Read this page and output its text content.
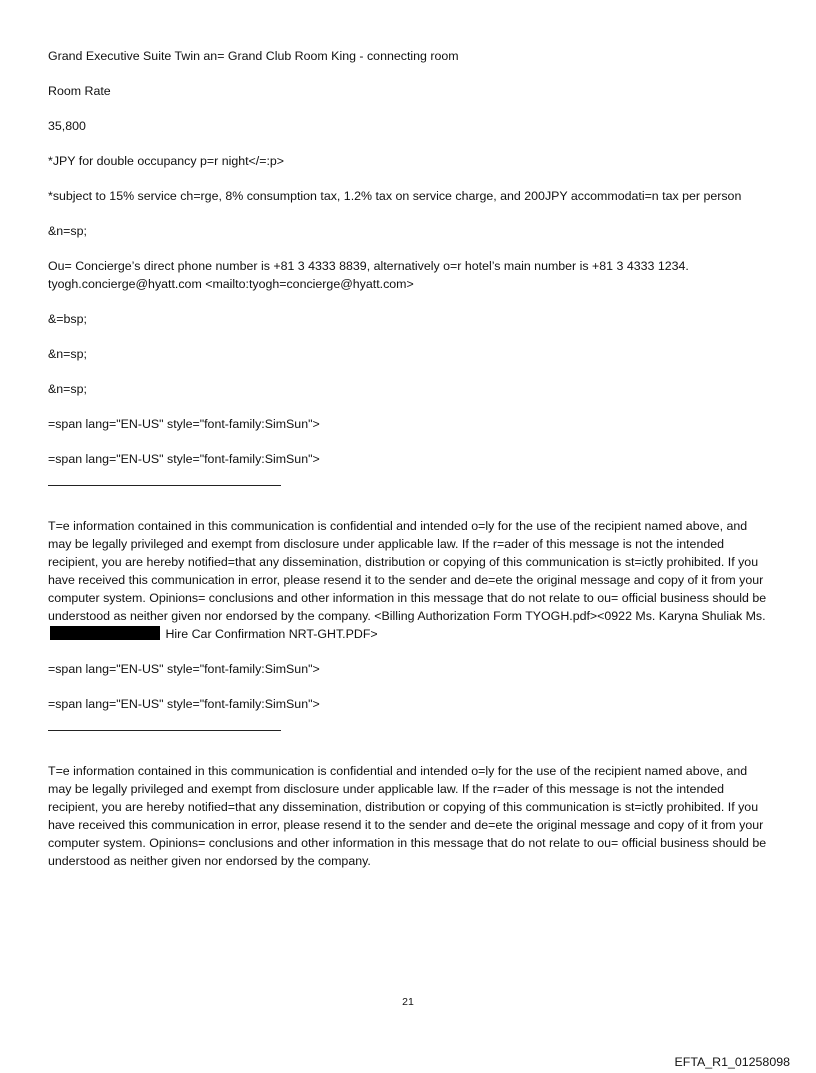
Grand Executive Suite Twin an= Grand Club Room King - connecting room

Room Rate

35,800

*JPY for double occupancy p=r night</=:p>

*subject to 15% service ch=rge, 8% consumption tax, 1.2% tax on service charge, and 200JPY accommodati=n tax per person

&n=sp;

Ou= Concierge’s direct phone number is +81 3 4333 8839, alternatively o=r hotel’s main number is +81 3 4333 1234. tyogh.concierge@hyatt.com <mailto:tyogh=concierge@hyatt.com>

&=bsp;

&n=sp;

&n=sp;

=span lang="EN-US" style="font-family:SimSun">

=span lang="EN-US" style="font-family:SimSun">

T=e information contained in this communication is confidential and intended o=ly for the use of the recipient named above, and may be legally privileged and exempt from disclosure under applicable law. If the r=ader of this message is not the intended recipient, you are hereby notified=that any dissemination, distribution or copying of this communication is st=ictly prohibited. If you have received this communication in error, please resend it to the sender and de=ete the original message and copy of it from your computer system. Opinions= conclusions and other information in this message that do not relate to ou= official business should be understood as neither given nor endorsed by the company. <Billing Authorization Form TYOGH.pdf><0922 Ms. Karyna Shuliak Ms.  Hire Car Confirmation NRT-GHT.PDF>

=span lang="EN-US" style="font-family:SimSun">

=span lang="EN-US" style="font-family:SimSun">

T=e information contained in this communication is confidential and intended o=ly for the use of the recipient named above, and may be legally privileged and exempt from disclosure under applicable law. If the r=ader of this message is not the intended recipient, you are hereby notified=that any dissemination, distribution or copying of this communication is st=ictly prohibited. If you have received this communication in error, please resend it to the sender and de=ete the original message and copy of it from your computer system. Opinions= conclusions and other information in this message that do not relate to ou= official business should be understood as neither given nor endorsed by the company.

21
EFTA_R1_01258098
